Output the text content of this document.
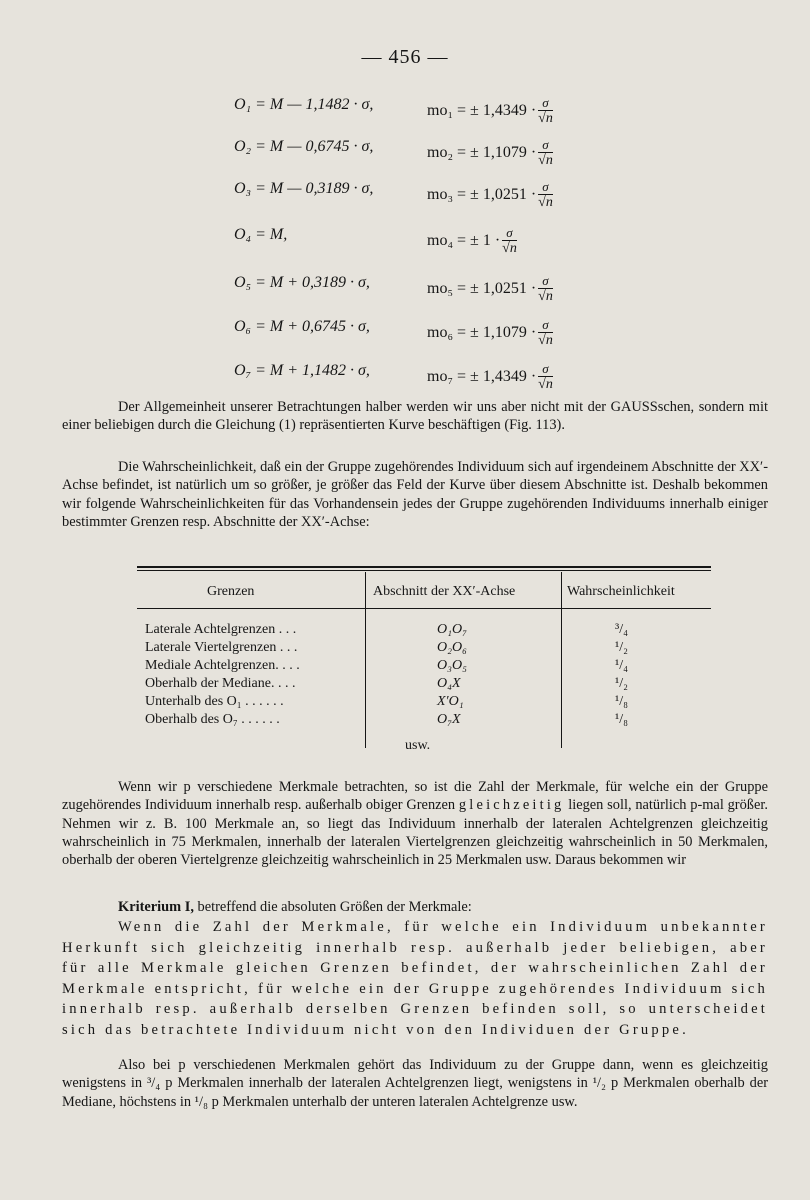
— 456 —
O₁ = M — 1,1482 · σ,	mo₁ = ± $1,4349 \cdot \frac{\sigma}{√n}$
O₂ = M — 0,6745 · σ,	mo₂ = ± $1,1079 \cdot \frac{\sigma}{√n}$
O₃ = M — 0,3189 · σ,	mo₃ = ± $1,0251 \cdot \frac{\sigma}{√n}$
O₄ = M,	mo₄ = ± $1 \cdot \frac{\sigma}{√n}$
O₅ = M + 0,3189 · σ,	mo₅ = ± $1,0251 \cdot \frac{\sigma}{√n}$
O₆ = M + 0,6745 · σ,	mo₆ = ± $1,1079 \cdot \frac{\sigma}{√n}$
O₇ = M + 1,1482 · σ,	mo₇ = ± $1,4349 \cdot \frac{\sigma}{√n}$
Der Allgemeinheit unserer Betrachtungen halber werden wir uns aber nicht mit der GAUSSschen, sondern mit einer beliebigen durch die Gleichung (1) repräsentierten Kurve beschäftigen (Fig. 113).
Die Wahrscheinlichkeit, daß ein der Gruppe zugehörendes Individuum sich auf irgendeinem Abschnitte der XX′-Achse befindet, ist natürlich um so größer, je größer das Feld der Kurve über diesem Abschnitte ist. Deshalb bekommen wir folgende Wahrscheinlichkeiten für das Vorhandensein jedes der Gruppe zugehörenden Individuums innerhalb einiger bestimmter Grenzen resp. Abschnitte der XX′-Achse:
Grenzen	Abschnitt der XX′-Achse	Wahrscheinlichkeit
Laterale Achtelgrenzen . . .	O₁O₇	³/₄
Laterale Viertelgrenzen . . .	O₂O₆	¹/₂
Mediale Achtelgrenzen. . . .	O₃O₅	¹/₄
Oberhalb der Mediane. . . .	O₄X	¹/₂
Unterhalb des O₁ . . . . . .	X′O₁	¹/₈
Oberhalb des O₇ . . . . . .	O₇X	¹/₈
usw.
Wenn wir p verschiedene Merkmale betrachten, so ist die Zahl der Merkmale, für welche ein der Gruppe zugehörendes Individuum innerhalb resp. außerhalb obiger Grenzen gleichzeitig liegen soll, natürlich p-mal größer. Nehmen wir z. B. 100 Merkmale an, so liegt das Individuum innerhalb der lateralen Achtelgrenzen gleichzeitig wahrscheinlich in 75 Merkmalen, innerhalb der lateralen Viertelgrenzen gleichzeitig wahrscheinlich in 50 Merkmalen, oberhalb der oberen Viertelgrenze gleichzeitig wahrscheinlich in 25 Merkmalen usw. Daraus bekommen wir
Kriterium I, betreffend die absoluten Größen der Merkmale:
Wenn die Zahl der Merkmale, für welche ein Individuum unbekannter Herkunft sich gleichzeitig innerhalb resp. außerhalb jeder beliebigen, aber für alle Merkmale gleichen Grenzen befindet, der wahrscheinlichen Zahl der Merkmale entspricht, für welche ein der Gruppe zugehörendes Individuum sich innerhalb resp. außerhalb derselben Grenzen befinden soll, so unterscheidet sich das betrachtete Individuum nicht von den Individuen der Gruppe.
Also bei p verschiedenen Merkmalen gehört das Individuum zu der Gruppe dann, wenn es gleichzeitig wenigstens in ³/₄ p Merkmalen innerhalb der lateralen Achtelgrenzen liegt, wenigstens in ¹/₂ p Merkmalen oberhalb der Mediane, höchstens in ¹/₈ p Merkmalen unterhalb der unteren lateralen Achtelgrenze usw.
